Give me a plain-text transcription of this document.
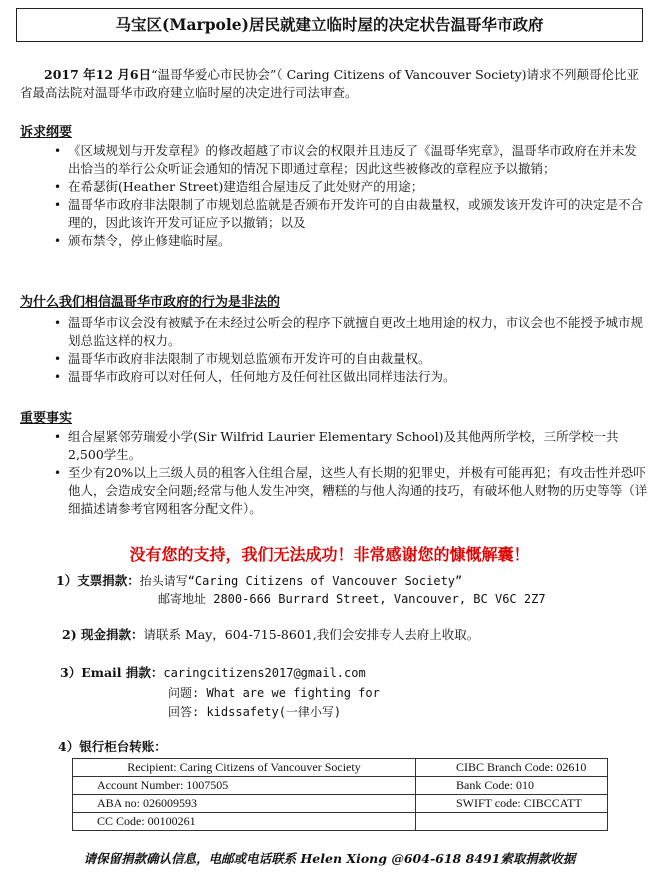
马宝区(Marpole)居民就建立临时屋的决定状告温哥华市政府
2017 年12 月6日“温哥华爱心市民协会”（ Caring Citizens of Vancouver Society)请求不列颠哥伦比亚省最高法院对温哥华市政府建立临时屋的决定进行司法审查。
诉求纲要
• 《区域规划与开发章程》的修改超越了市议会的权限并且违反了《温哥华宪章》，温哥华市政府在并未发出恰当的举行公众听证会通知的情况下即通过章程；因此这些被修改的章程应予以撤销；
• 在希瑟街(Heather Street)建造组合屋违反了此处财产的用途；
• 温哥华市政府非法限制了市规划总监就是否颁布开发许可的自由裁量权，或颁发该开发许可的决定是不合理的，因此该许开发可证应予以撤销；以及
• 颁布禁令，停止修建临时屋。
为什么我们相信温哥华市政府的行为是非法的
• 温哥华市议会没有被赋予在未经过公听会的程序下就擅自更改土地用途的权力，市议会也不能授予城市规划总监这样的权力。
• 温哥华市政府非法限制了市规划总监颁布开发许可的自由裁量权。
• 温哥华市政府可以对任何人，任何地方及任何社区做出同样违法行为。
重要事实
• 组合屋紧邻劳瑞爱小学(Sir Wilfrid Laurier Elementary School)及其他两所学校，三所学校一共2,500学生。
• 至少有20%以上三级人员的租客入住组合屋，这些人有长期的犯罪史，并极有可能再犯；有攻击性并恐吓他人，会造成安全问题;经常与他人发生冲突，糟糕的与他人沟通的技巧，有破坏他人财物的历史等等（详细描述请参考官网租客分配文件）。
没有您的支持，我们无法成功！非常感谢您的慷慨解囊！
1）支票捐款：抬头请写“Caring Citizens of Vancouver Society”
邮寄地址 2800-666 Burrard Street, Vancouver, BC V6C 2Z7
2) 现金捐款：请联系 May，604-715-8601,我们会安排专人去府上收取。
3）Email 捐款：caringcitizens2017@gmail.com
问题: What are we fighting for
回答: kidssafety(一律小写)
4）银行柜台转账：
Recipient: Caring Citizens of Vancouver Society	CIBC Branch Code: 02610
Account Number: 1007505	Bank Code: 010
ABA no: 026009593	SWIFT code: CIBCCATT
CC Code: 00100261	
请保留捐款确认信息，电邮或电话联系 Helen Xiong @604-618 8491索取捐款收据
